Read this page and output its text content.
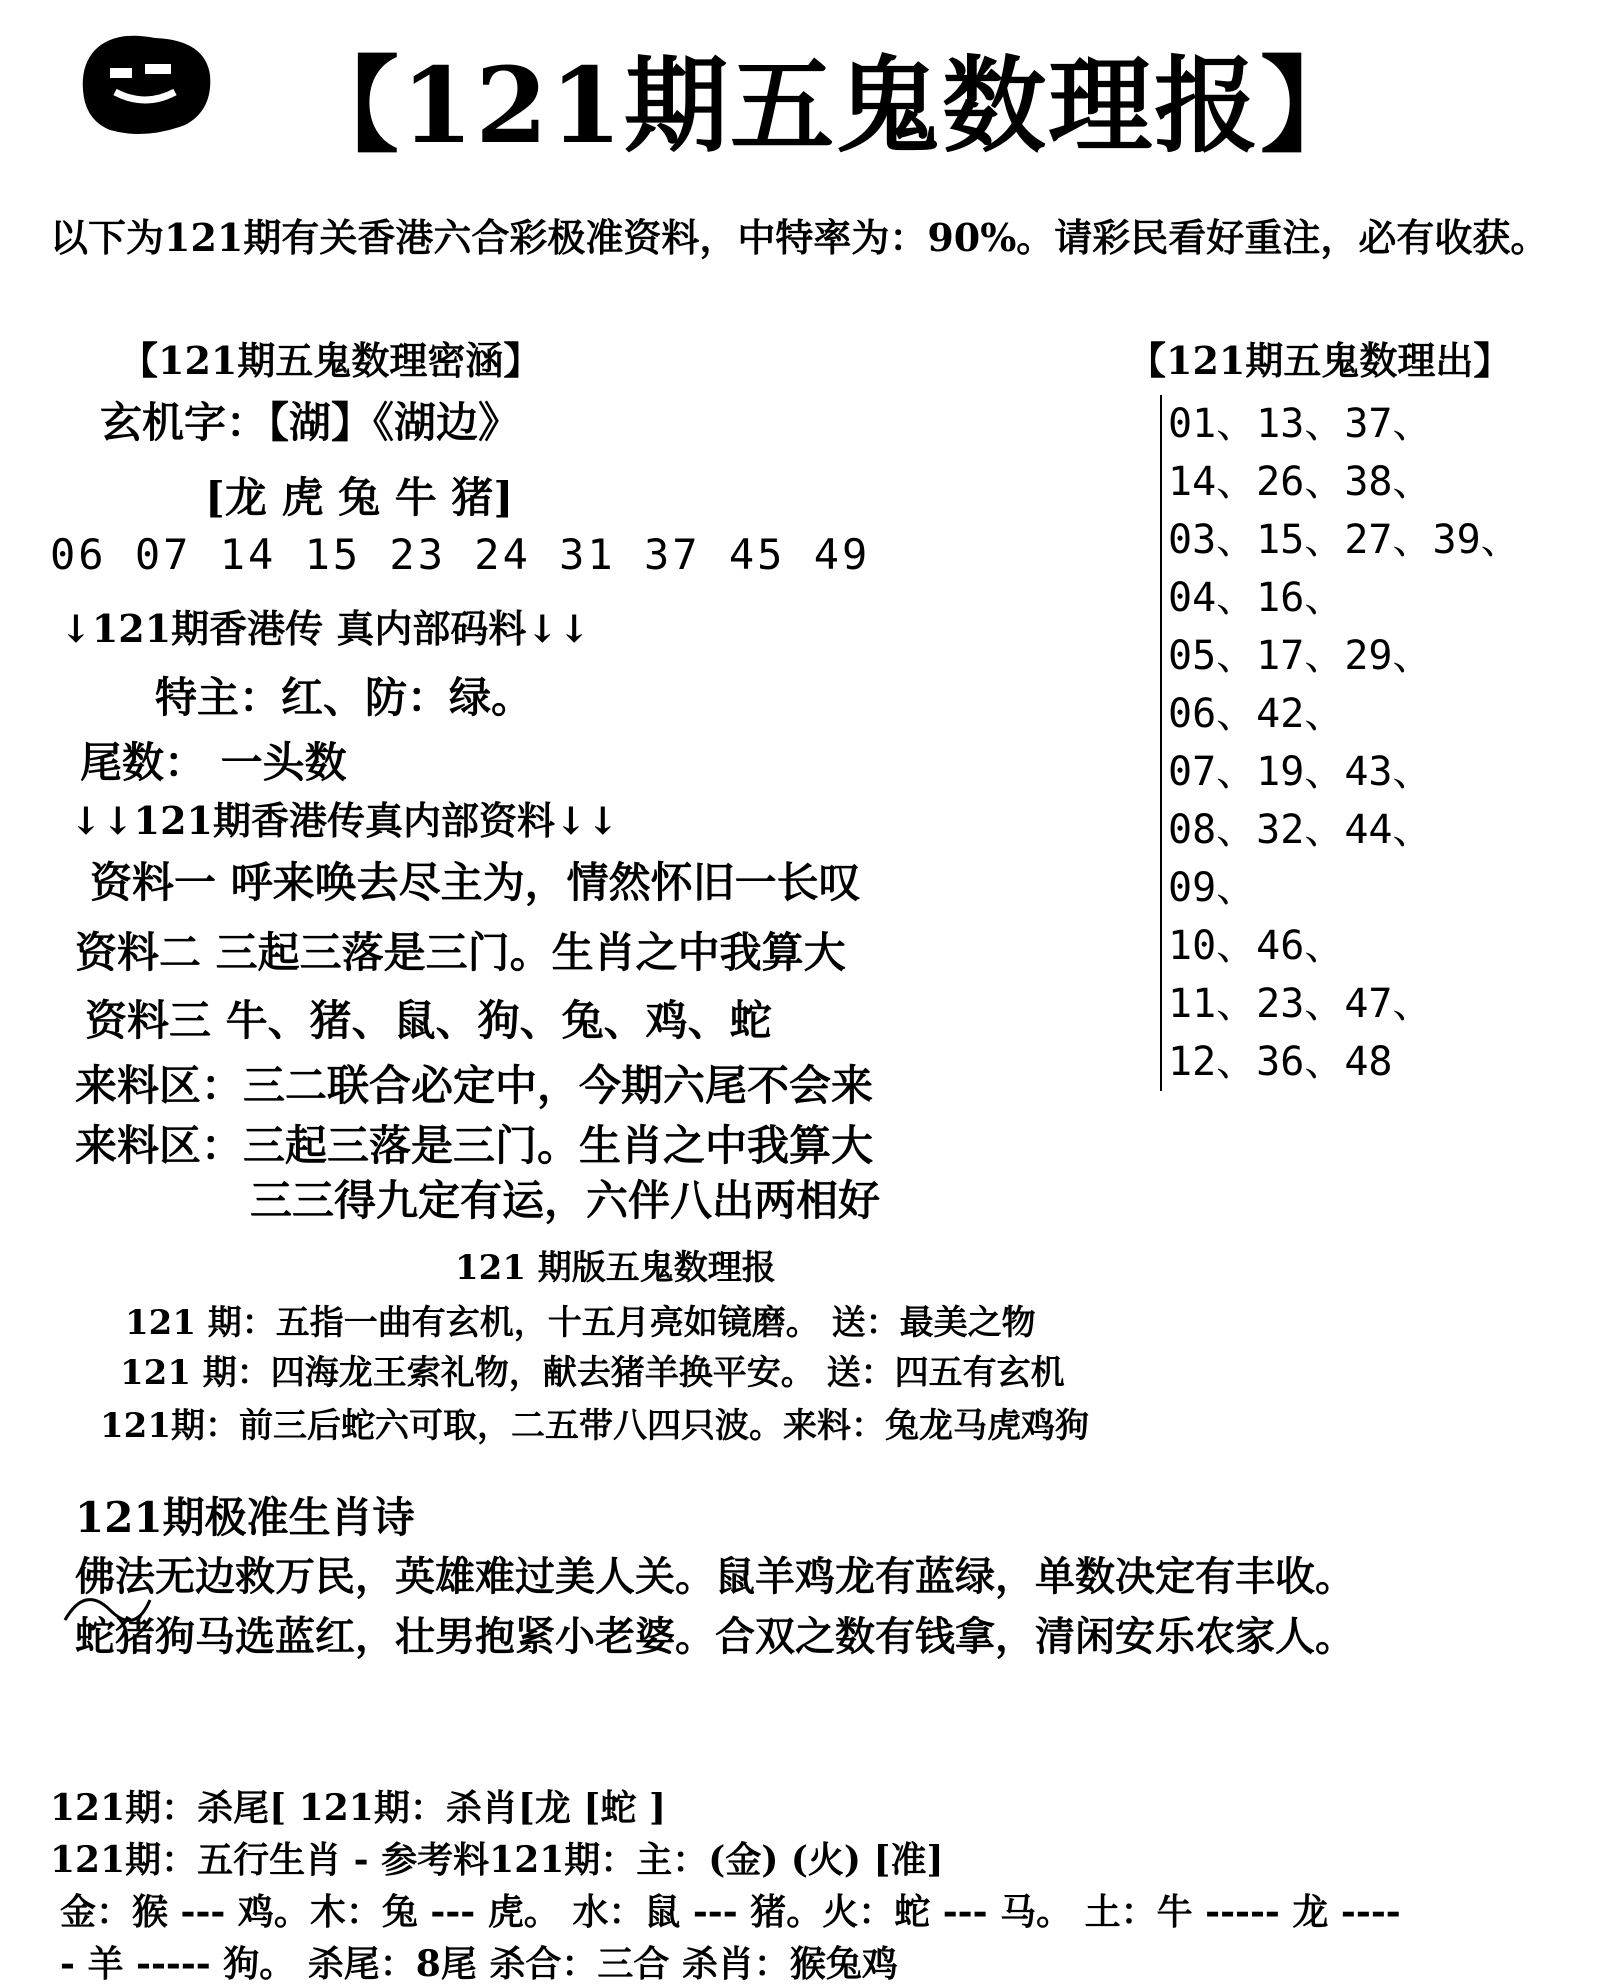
【121期五鬼数理报】
以下为121期有关香港六合彩极准资料，中特率为：90%。请彩民看好重注，必有收获。
【121期五鬼数理密涵】
玄机字：【湖】《湖边》
[龙 虎 兔 牛 猪]
06 07 14 15 23 24 31 37 45 49
↓121期香港传 真内部码料↓↓
特主：红、防：绿。
尾数： 一头数
↓↓121期香港传真内部资料↓↓
资料一 呼来唤去尽主为，情然怀旧一长叹
资料二 三起三落是三门。生肖之中我算大
资料三 牛、猪、鼠、狗、兔、鸡、蛇
来料区：三二联合必定中，今期六尾不会来
来料区：三起三落是三门。生肖之中我算大
三三得九定有运，六伴八出两相好
【121期五鬼数理出】
01、13、37、
14、26、38、
03、15、27、39、
04、16、
05、17、29、
06、42、
07、19、43、
08、32、44、
09、
10、46、
11、23、47、
12、36、48
121 期版五鬼数理报
121 期：五指一曲有玄机，十五月亮如镜磨。 送：最美之物
121 期：四海龙王索礼物，献去猪羊换平安。 送：四五有玄机
121期：前三后蛇六可取，二五带八四只波。来料：兔龙马虎鸡狗
121期极准生肖诗
佛法无边救万民，英雄难过美人关。鼠羊鸡龙有蓝绿，单数决定有丰收。
蛇猪狗马选蓝红，壮男抱紧小老婆。合双之数有钱拿，清闲安乐农家人。
121期：杀尾[ 121期：杀肖[龙 [蛇 ]
121期：五行生肖 - 参考料121期：主：(金) (火) [准]
金：猴 --- 鸡。木：兔 --- 虎。 水：鼠 --- 猪。火：蛇 --- 马。 土：牛 ----- 龙 ----
- 羊 ----- 狗。 杀尾：8尾 杀合：三合 杀肖：猴兔鸡
